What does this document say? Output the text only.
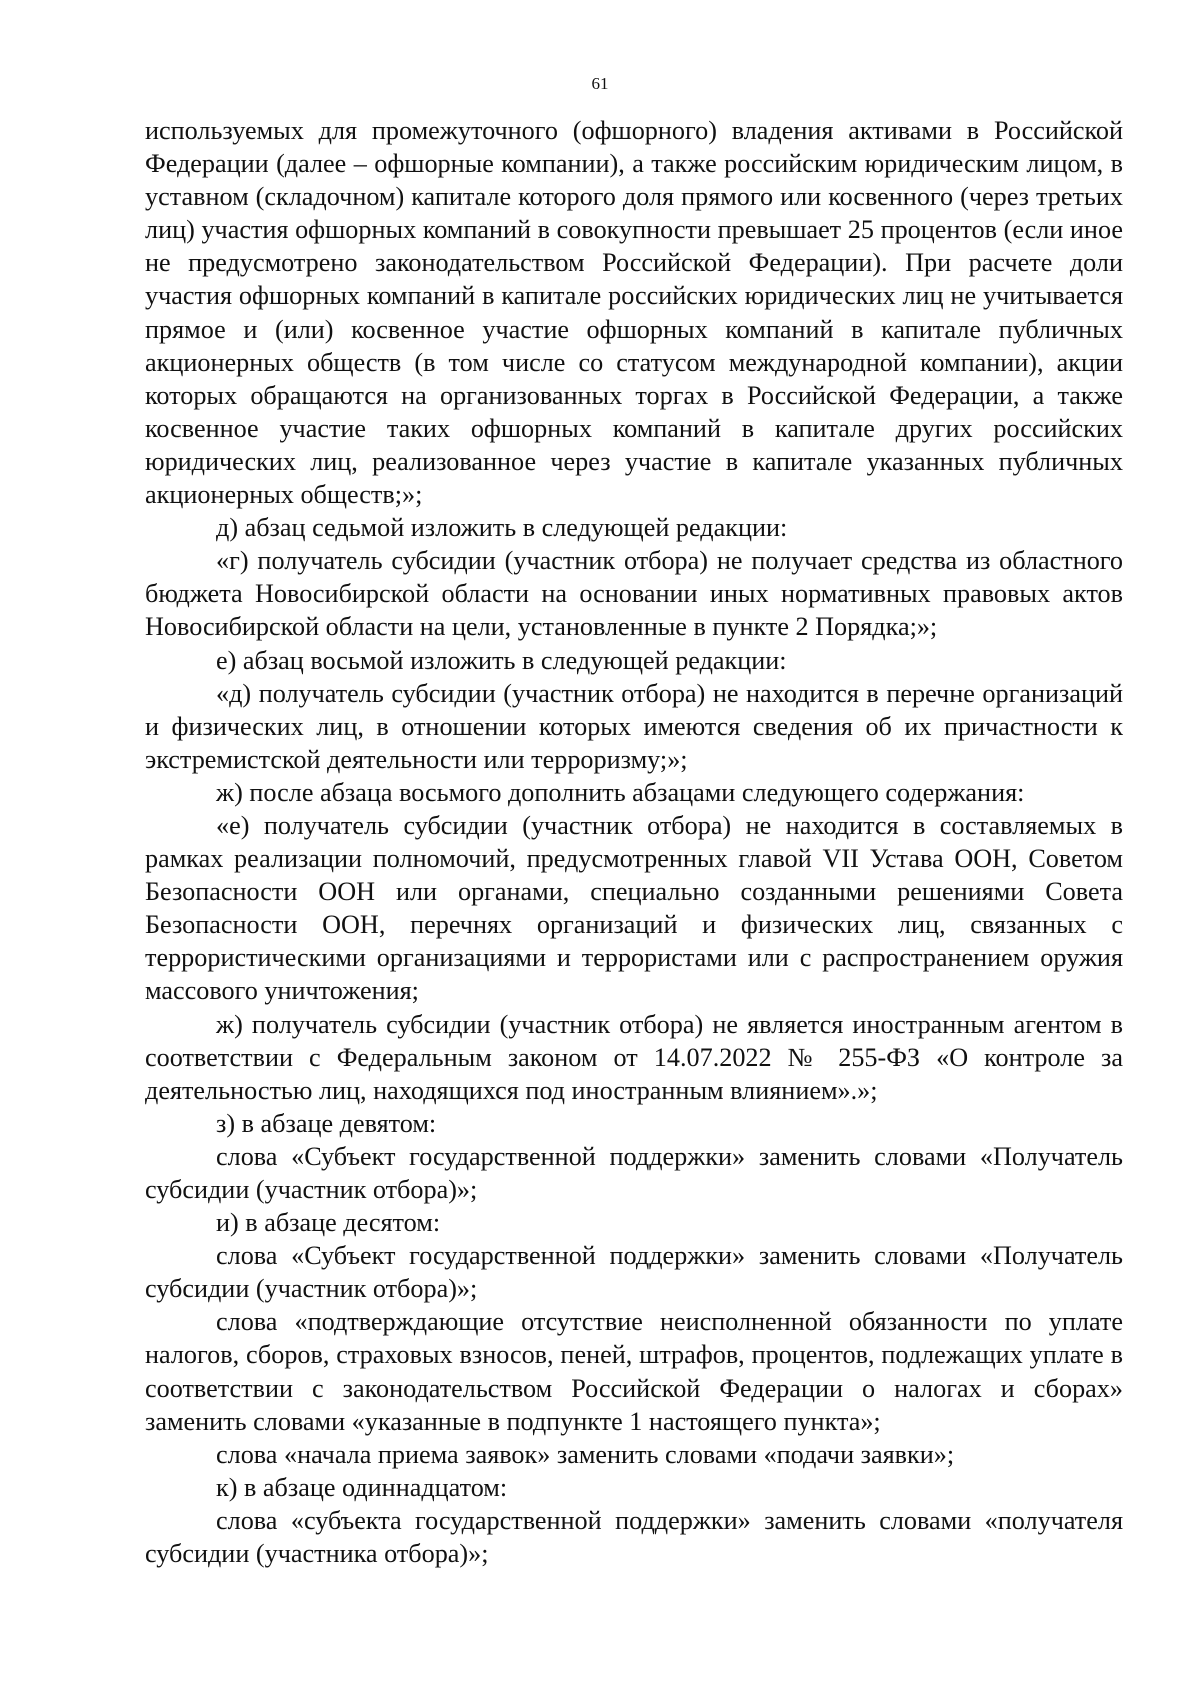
61

используемых для промежуточного (офшорного) владения активами в Российской Федерации (далее – офшорные компании), а также российским юридическим лицом, в уставном (складочном) капитале которого доля прямого или косвенного (через третьих лиц) участия офшорных компаний в совокупности превышает 25 процентов (если иное не предусмотрено законодательством Российской Федерации). При расчете доли участия офшорных компаний в капитале российских юридических лиц не учитывается прямое и (или) косвенное участие офшорных компаний в капитале публичных акционерных обществ (в том числе со статусом международной компании), акции которых обращаются на организованных торгах в Российской Федерации, а также косвенное участие таких офшорных компаний в капитале других российских юридических лиц, реализованное через участие в капитале указанных публичных акционерных обществ;»;

д) абзац седьмой изложить в следующей редакции:

«г) получатель субсидии (участник отбора) не получает средства из областного бюджета Новосибирской области на основании иных нормативных правовых актов Новосибирской области на цели, установленные в пункте 2 Порядка;»;

е) абзац восьмой изложить в следующей редакции:

«д) получатель субсидии (участник отбора) не находится в перечне организаций и физических лиц, в отношении которых имеются сведения об их причастности к экстремистской деятельности или терроризму;»;

ж) после абзаца восьмого дополнить абзацами следующего содержания:

«е) получатель субсидии (участник отбора) не находится в составляемых в рамках реализации полномочий, предусмотренных главой VII Устава ООН, Советом Безопасности ООН или органами, специально созданными решениями Совета Безопасности ООН, перечнях организаций и физических лиц, связанных с террористическими организациями и террористами или с распространением оружия массового уничтожения;

ж) получатель субсидии (участник отбора) не является иностранным агентом в соответствии с Федеральным законом от 14.07.2022 № 255-ФЗ «О контроле за деятельностью лиц, находящихся под иностранным влиянием».»;

з) в абзаце девятом:

слова «Субъект государственной поддержки» заменить словами «Получатель субсидии (участник отбора)»;

и) в абзаце десятом:

слова «Субъект государственной поддержки» заменить словами «Получатель субсидии (участник отбора)»;

слова «подтверждающие отсутствие неисполненной обязанности по уплате налогов, сборов, страховых взносов, пеней, штрафов, процентов, подлежащих уплате в соответствии с законодательством Российской Федерации о налогах и сборах» заменить словами «указанные в подпункте 1 настоящего пункта»;

слова «начала приема заявок» заменить словами «подачи заявки»;

к) в абзаце одиннадцатом:

слова «субъекта государственной поддержки» заменить словами «получателя субсидии (участника отбора)»;
